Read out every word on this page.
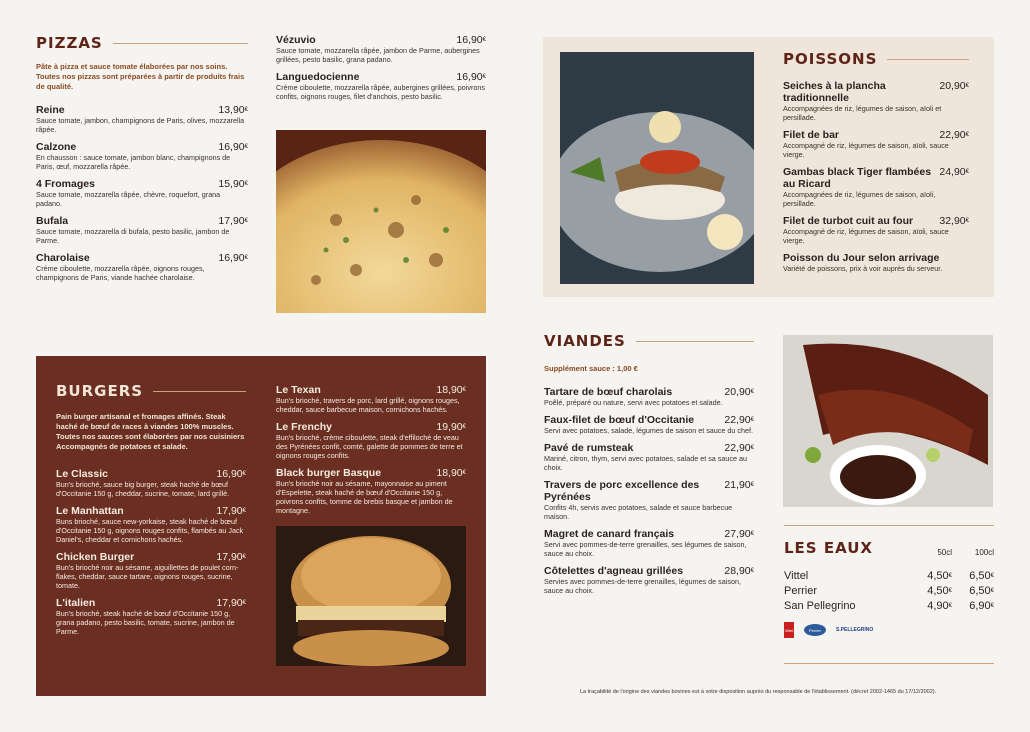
PIZZAS
Pâte à pizza et sauce tomate élaborées par nos soins. Toutes nos pizzas sont préparées à partir de produits frais de qualité.
Reine	13,90€
Sauce tomate, jambon, champignons de Paris, olives, mozzarella râpée.
Calzone	16,90€
En chausson : sauce tomate, jambon blanc, champignons de Paris, œuf, mozzarella râpée.
4 Fromages	15,90€
Sauce tomate, mozzarella râpée, chèvre, roquefort, grana padano.
Bufala	17,90€
Sauce tomate, mozzarella di bufala, pesto basilic, jambon de Parme.
Charolaise	16,90€
Crème ciboulette, mozzarella râpée, oignons rouges, champignons de Paris, viande hachée charolaise.
Vézuvio	16,90€
Sauce tomate, mozzarella râpée, jambon de Parme, aubergines grillées, pesto basilic, grana padano.
Languedocienne	16,90€
Crème ciboulette, mozzarella râpée, aubergines grillées, poivrons confits, oignons rouges, filet d'anchois, pesto basilic.
BURGERS
Pain burger artisanal et fromages affinés. Steak haché de bœuf de races à viandes 100% muscles. Toutes nos sauces sont élaborées par nos cuisiniers Accompagnés de potatoes et salade.
Le Classic	16,90€
Bun's brioché, sauce big burger, steak haché de bœuf d'Occitanie 150 g, cheddar, sucrine, tomate, lard grillé.
Le Manhattan	17,90€
Buns brioché, sauce new-yorkaise, steak haché de bœuf d'Occitanie 150 g, oignons rouges confits, flambés au Jack Daniel's, cheddar et cornichons hachés.
Chicken Burger	17,90€
Bun's brioché noir au sésame, aiguillettes de poulet corn-flakes, cheddar, sauce tartare, oignons rouges, sucrine, tomate.
L'italien	17,90€
Bun's brioché, steak haché de bœuf d'Occitanie 150 g, grana padano, pesto basilic, tomate, sucrine, jambon de Parme.
Le Texan	18,90€
Bun's brioché, travers de porc, lard grillé, oignons rouges, cheddar, sauce barbecue maison, cornichons hachés.
Le Frenchy	19,90€
Bun's brioché, crème ciboulette, steak d'effiloché de veau des Pyrénées confit, comté, galette de pommes de terre et oignons rouges confits.
Black burger Basque	18,90€
Bun's brioché noir au sésame, mayonnaise au piment d'Espelette, steak haché de bœuf d'Occitanie 150 g, poivrons confits, tomme de brebis basque et jambon de montagne.
POISSONS
Seiches à la plancha traditionnelle
20,90€
Accompagnées de riz, légumes de saison, aïoli et persillade.
Filet de bar	22,90€
Accompagné de riz, légumes de saison, aïoli, sauce vierge.
Gambas black Tiger flambées au Ricard
24,90€
Accompagnées de riz, légumes de saison, aïoli, persillade.
Filet de turbot cuit au four	32,90€
Accompagné de riz, légumes de saison, aïoli, sauce vierge.
Poisson du Jour selon arrivage
Variété de poissons, prix à voir auprès du serveur.
VIANDES
Supplément sauce : 1,00 €
Tartare de bœuf charolais	20,90€
Poêlé, préparé ou nature, servi avec potatoes et salade.
Faux-filet de bœuf d'Occitanie	22,90€
Servi avec potatoes, salade, légumes de saison et sauce du chef.
Pavé de rumsteak	22,90€
Mariné, citron, thym, servi avec potatoes, salade et sa sauce au choix.
Travers de porc excellence des Pyrénées
21,90€
Confits 4h, servis avec potatoes, salade et sauce barbecue maison.
Magret de canard français	27,90€
Servi avec pommes-de-terre grenailles, ses légumes de saison, sauce au choix.
Côtelettes d'agneau grillées	28,90€
Servies avec pommes-de-terre grenailles, légumes de saison, sauce au choix.
LES EAUX	50cl	100cl
Vittel	4,50€	6,50€
Perrier	4,50€	6,50€
San Pellegrino	4,90€	6,90€
Vittel	Perrier	S.PELLEGRINO
La traçabilité de l'origine des viandes bovines est à votre disposition auprès du responsable de l'établissement. (décret 2002-1465 du 17/12/2002).
